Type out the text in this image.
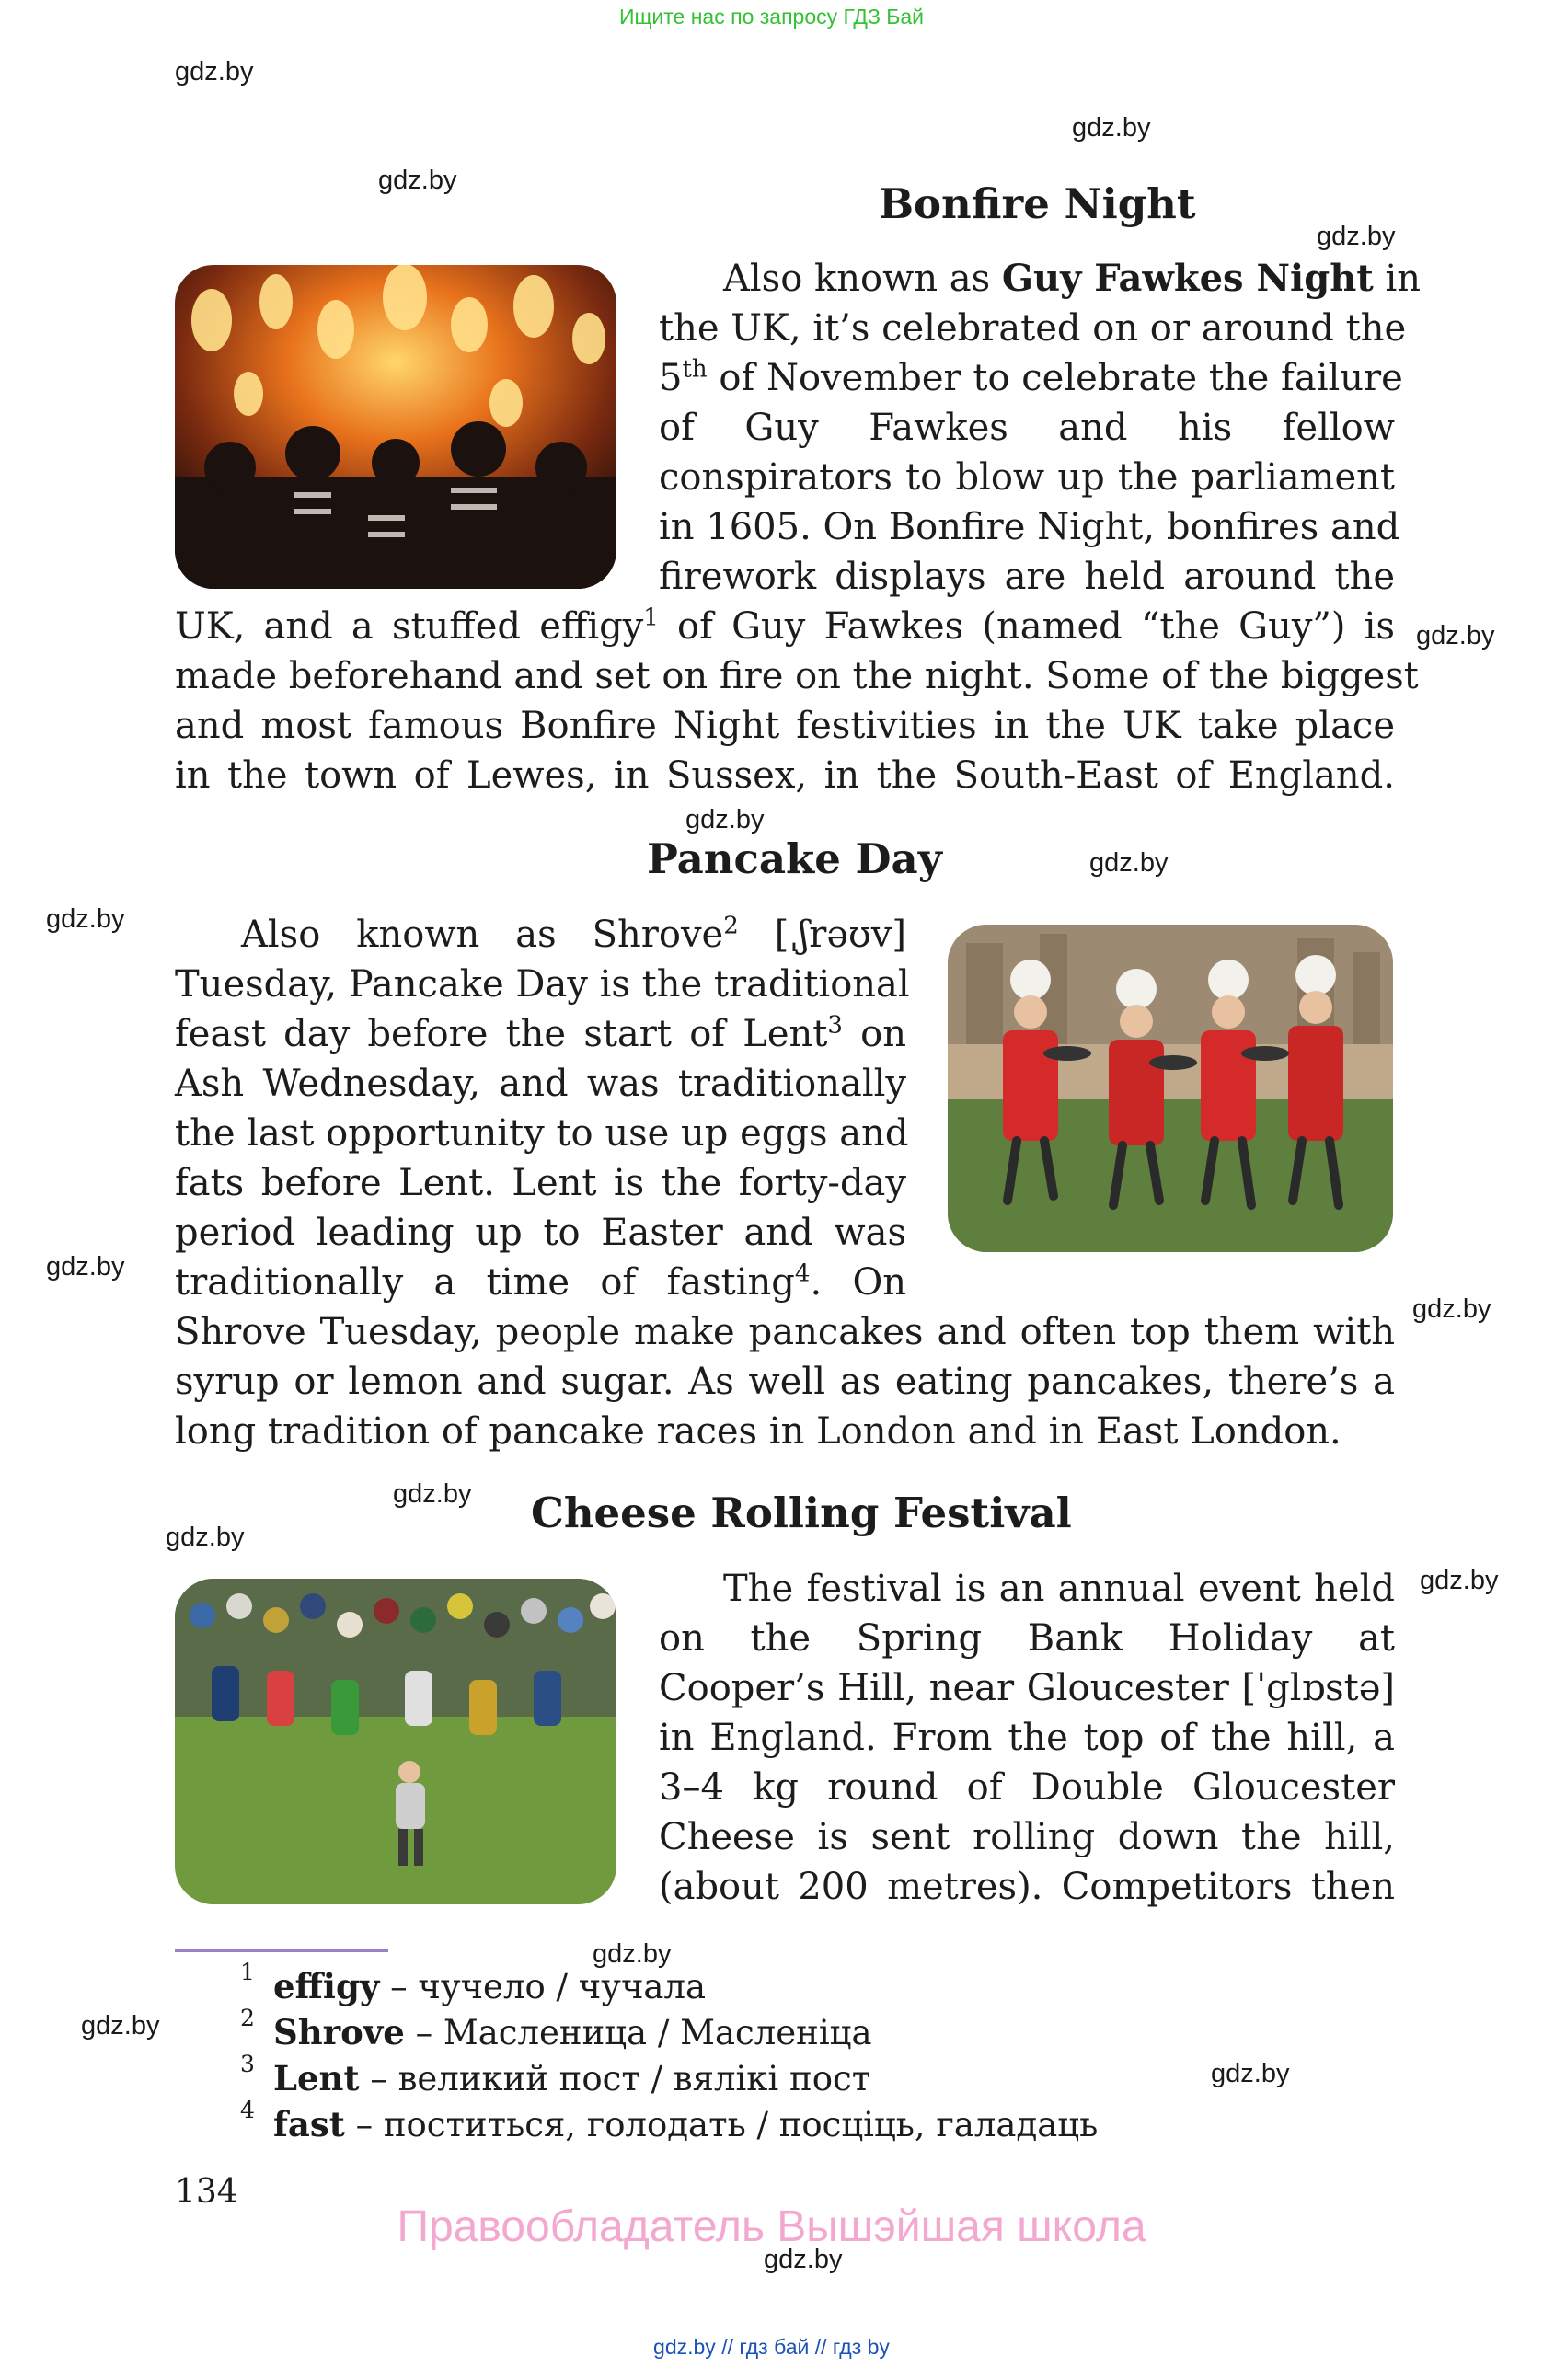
Ищите нас по запросу ГДЗ Бай
gdz.by
gdz.by
gdz.by
gdz.by
gdz.by
gdz.by
gdz.by
gdz.by
gdz.by
gdz.by
gdz.by
gdz.by
gdz.by
gdz.by
gdz.by
gdz.by
gdz.by
Bonfire Night
Also known as Guy Fawkes Night in
the UK, it’s celebrated on or around the
5th of November to celebrate the failure
of Guy Fawkes and his fellow
conspirators to blow up the parliament
in 1605. On Bonfire Night, bonfires and
firework displays are held around the
UK, and a stuffed effigy$^1$ of Guy Fawkes (named “the Guy”) is
made beforehand and set on fire on the night. Some of the biggest
and most famous Bonfire Night festivities in the UK take place
in the town of Lewes, in Sussex, in the South-East of England.
Pancake Day
Also known as Shrove$^2$ [ˌʃrəʊv]
Tuesday, Pancake Day is the traditional
feast day before the start of Lent$^3$ on
Ash Wednesday, and was traditionally
the last opportunity to use up eggs and
fats before Lent. Lent is the forty-day
period leading up to Easter and was
traditionally a time of fasting$^4$. On
Shrove Tuesday, people make pancakes and often top them with
syrup or lemon and sugar. As well as eating pancakes, there’s a
long tradition of pancake races in London and in East London.
Cheese Rolling Festival
The festival is an annual event held
on the Spring Bank Holiday at
Cooper’s Hill, near Gloucester [ˈglɒstə]
in England. From the top of the hill, a
3–4 kg round of Double Gloucester
Cheese is sent rolling down the hill,
(about 200 metres). Competitors then
1 effigy – чучело / чучала
2 Shrove – Масленица / Масленіца
3 Lent – великий пост / вялікі пост
4 fast – поститься, голодать / посціць, галадаць
134
Правообладатель Вышэйшая школа
gdz.by // гдз бай // гдз by
